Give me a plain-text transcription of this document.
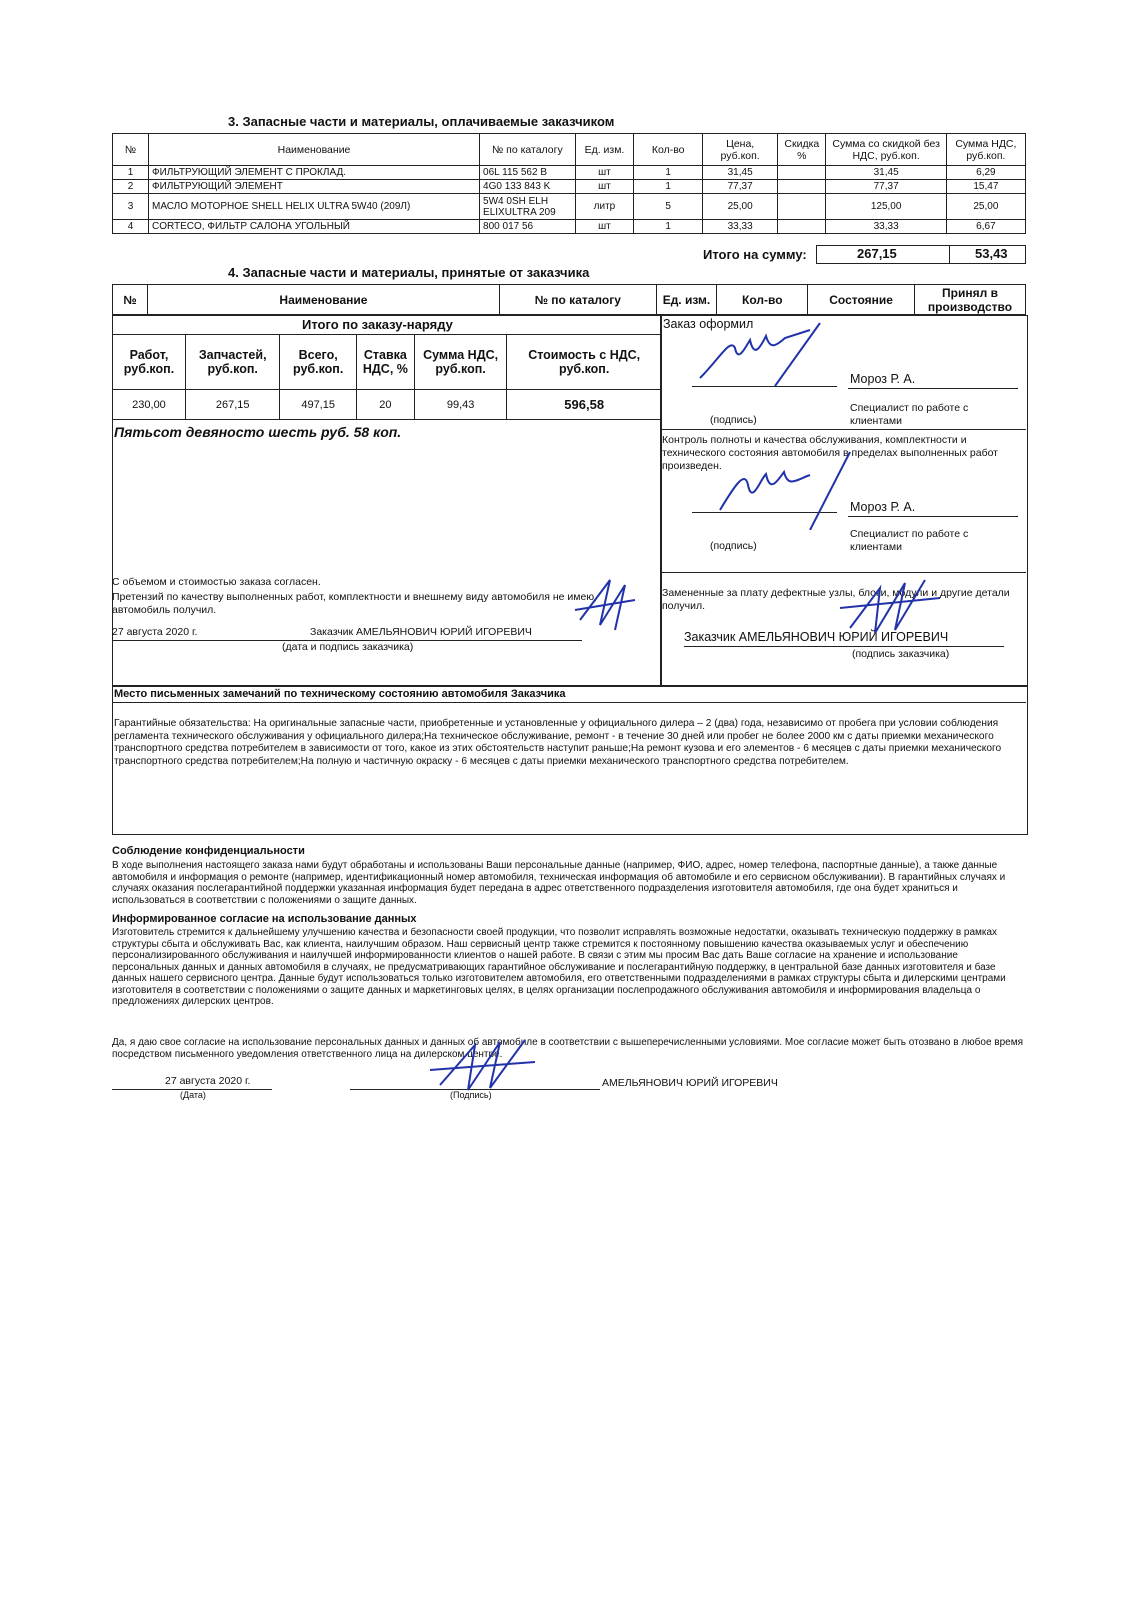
3. Запасные части и материалы, оплачиваемые заказчиком
№	Наименование	№ по каталогу	Ед. изм.	Кол-во	Цена, руб.коп.	Скидка %	Сумма со скидкой без НДС, руб.коп.	Сумма НДС, руб.коп.
1	ФИЛЬТРУЮЩИЙ ЭЛЕМЕНТ С ПРОКЛАД.	06L 115 562 B	шт	1	31,45		31,45	6,29
2	ФИЛЬТРУЮЩИЙ ЭЛЕМЕНТ	4G0 133 843 K	шт	1	77,37		77,37	15,47
3	МАСЛО МОТОРНОЕ SHELL HELIX ULTRA 5W40 (209Л)	5W4 0SH ELH ELIXULTRA 209	литр	5	25,00		125,00	25,00
4	CORTECO, ФИЛЬТР САЛОНА УГОЛЬНЫЙ	800 017 56	шт	1	33,33		33,33	6,67
Итого на сумму:	267,15	53,43
4. Запасные части и материалы, принятые от заказчика
№	Наименование	№ по каталогу	Ед. изм.	Кол-во	Состояние	Принял в производство
Итого по заказу-наряду
Работ, руб.коп.	Запчастей, руб.коп.	Всего, руб.коп.	Ставка НДС, %	Сумма НДС, руб.коп.	Стоимость с НДС, руб.коп.
230,00	267,15	497,15	20	99,43	596,58
Пятьсот девяносто шесть руб. 58 коп.
С объемом и стоимостью заказа согласен.
Претензий по качеству выполненных работ, комплектности и внешнему виду автомобиля не имею, автомобиль получил.
27 августа 2020 г.	Заказчик АМЕЛЬЯНОВИЧ ЮРИЙ ИГОРЕВИЧ
(дата и подпись заказчика)
Заказ оформил
Мороз Р. А.
(подпись)
Специалист по работе с клиентами
Контроль полноты и качества обслуживания, комплектности и технического состояния автомобиля в пределах выполненных работ произведен.
Мороз Р. А.
(подпись)
Специалист по работе с клиентами
Замененные за плату дефектные узлы, блоки, модули и другие детали получил.
Заказчик АМЕЛЬЯНОВИЧ ЮРИЙ ИГОРЕВИЧ
(подпись заказчика)
Место письменных замечаний по техническому состоянию автомобиля Заказчика
Гарантийные обязательства: На оригинальные запасные части, приобретенные и установленные у официального дилера – 2 (два) года, независимо от пробега при условии соблюдения регламента технического обслуживания у официального дилера;На техническое обслуживание, ремонт - в течение 30 дней или пробег не более 2000 км с даты приемки механического транспортного средства потребителем в зависимости от того, какое из этих обстоятельств наступит раньше;На ремонт кузова и его элементов - 6 месяцев с даты приемки механического транспортного средства потребителем;На полную и частичную окраску - 6 месяцев с даты приемки механического транспортного средства потребителем.
Соблюдение конфиденциальности
В ходе выполнения настоящего заказа нами будут обработаны и использованы Ваши персональные данные (например, ФИО, адрес, номер телефона, паспортные данные), а также данные автомобиля и информация о ремонте (например, идентификационный номер автомобиля, техническая информация об автомобиле и его сервисном обслуживании). В гарантийных случаях и случаях оказания послегарантийной поддержки указанная информация будет передана в адрес ответственного подразделения изготовителя автомобиля, где она будет храниться и использоваться в соответствии с положениями о защите данных.
Информированное согласие на использование данных
Изготовитель стремится к дальнейшему улучшению качества и безопасности своей продукции, что позволит исправлять возможные недостатки, оказывать техническую поддержку в рамках структуры сбыта и обслуживать Вас, как клиента, наилучшим образом. Наш сервисный центр также стремится к постоянному повышению качества оказываемых услуг и обеспечению персонализированного обслуживания и наилучшей информированности клиентов о нашей работе. В связи с этим мы просим Вас дать Ваше согласие на хранение и использование персональных данных и данных автомобиля в случаях, не предусматривающих гарантийное обслуживание и послегарантийную поддержку, в центральной базе данных изготовителя и базе данных нашего сервисного центра. Данные будут использоваться только изготовителем автомобиля, его ответственными подразделениями в рамках структуры сбыта и дилерскими центрами изготовителя в соответствии с положениями о защите данных и маркетинговых целях, в целях организации послепродажного обслуживания автомобиля и информирования владельца о предложениях дилерских центров.
Да, я даю свое согласие на использование персональных данных и данных об автомобиле в соответствии с вышеперечисленными условиями. Мое согласие может быть отозвано в любое время посредством письменного уведомления ответственного лица на дилерском центре.
27 августа 2020 г.
(Дата)	(Подпись)
АМЕЛЬЯНОВИЧ ЮРИЙ ИГОРЕВИЧ
